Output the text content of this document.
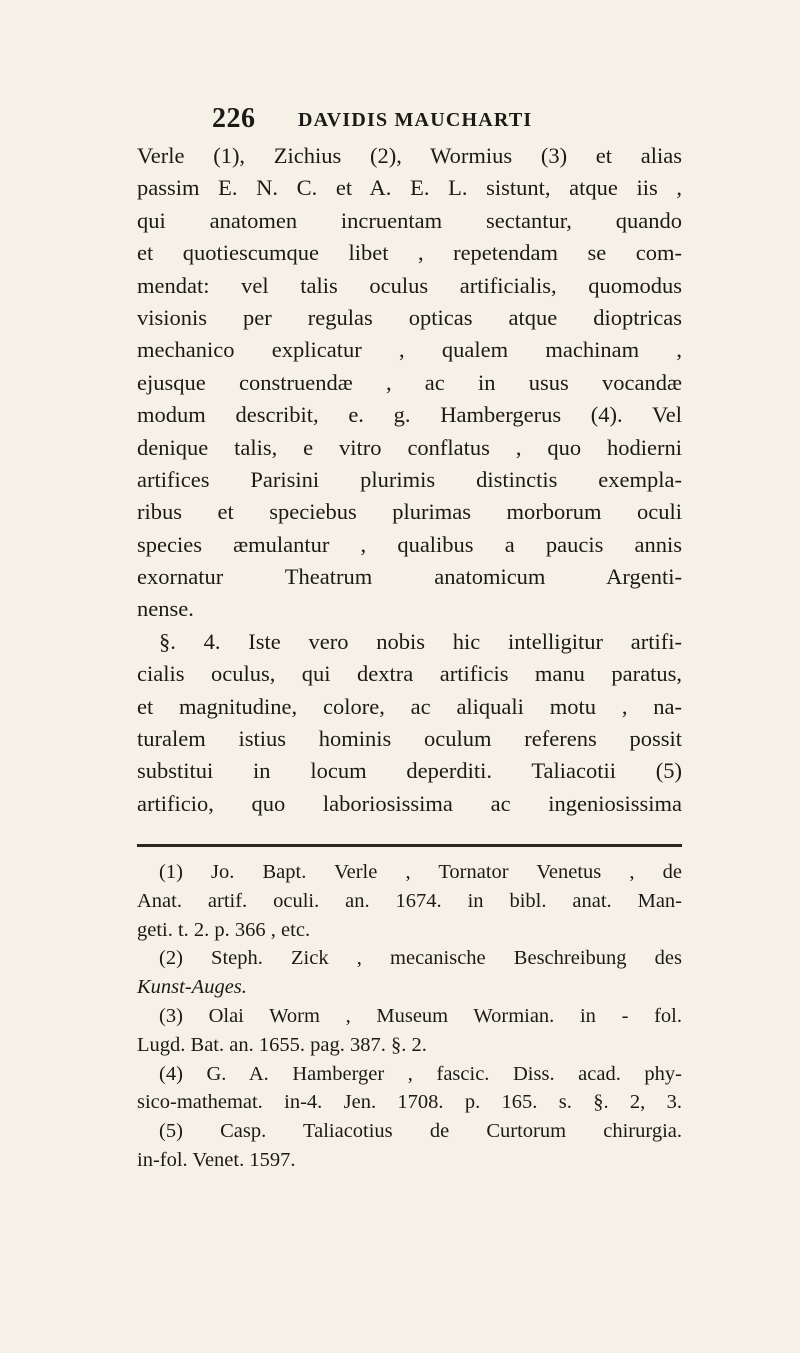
226 DAVIDIS MAUCHARTI
Verle (1), Zichius (2), Wormius (3) et alias
passim E. N. C. et A. E. L. sistunt, atque iis ,
qui anatomen incruentam sectantur, quando
et quotiescumque libet , repetendam se com-
mendat: vel talis oculus artificialis, quomodus
visionis per regulas opticas atque dioptricas
mechanico explicatur , qualem machinam ,
ejusque construendæ , ac in usus vocandæ
modum describit, e. g. Hambergerus (4). Vel
denique talis, e vitro conflatus , quo hodierni
artifices Parisini plurimis distinctis exempla-
ribus et speciebus plurimas morborum oculi
species æmulantur , qualibus a paucis annis
exornatur Theatrum anatomicum Argenti-
nense.
§. 4. Iste vero nobis hic intelligitur artifi-
cialis oculus, qui dextra artificis manu paratus,
et magnitudine, colore, ac aliquali motu , na-
turalem istius hominis oculum referens possit
substitui in locum deperditi. Taliacotii (5)
artificio, quo laboriosissima ac ingeniosissima
(1) Jo. Bapt. Verle , Tornator Venetus , de
Anat. artif. oculi. an. 1674. in bibl. anat. Man-
geti. t. 2. p. 366 , etc.
(2) Steph. Zick , mecanische Beschreibung des
Kunst-Auges.
(3) Olai Worm , Museum Wormian. in - fol.
Lugd. Bat. an. 1655. pag. 387. §. 2.
(4) G. A. Hamberger , fascic. Diss. acad. phy-
sico-mathemat. in-4. Jen. 1708. p. 165. s. §. 2, 3.
(5) Casp. Taliacotius de Curtorum chirurgia.
in-fol. Venet. 1597.
